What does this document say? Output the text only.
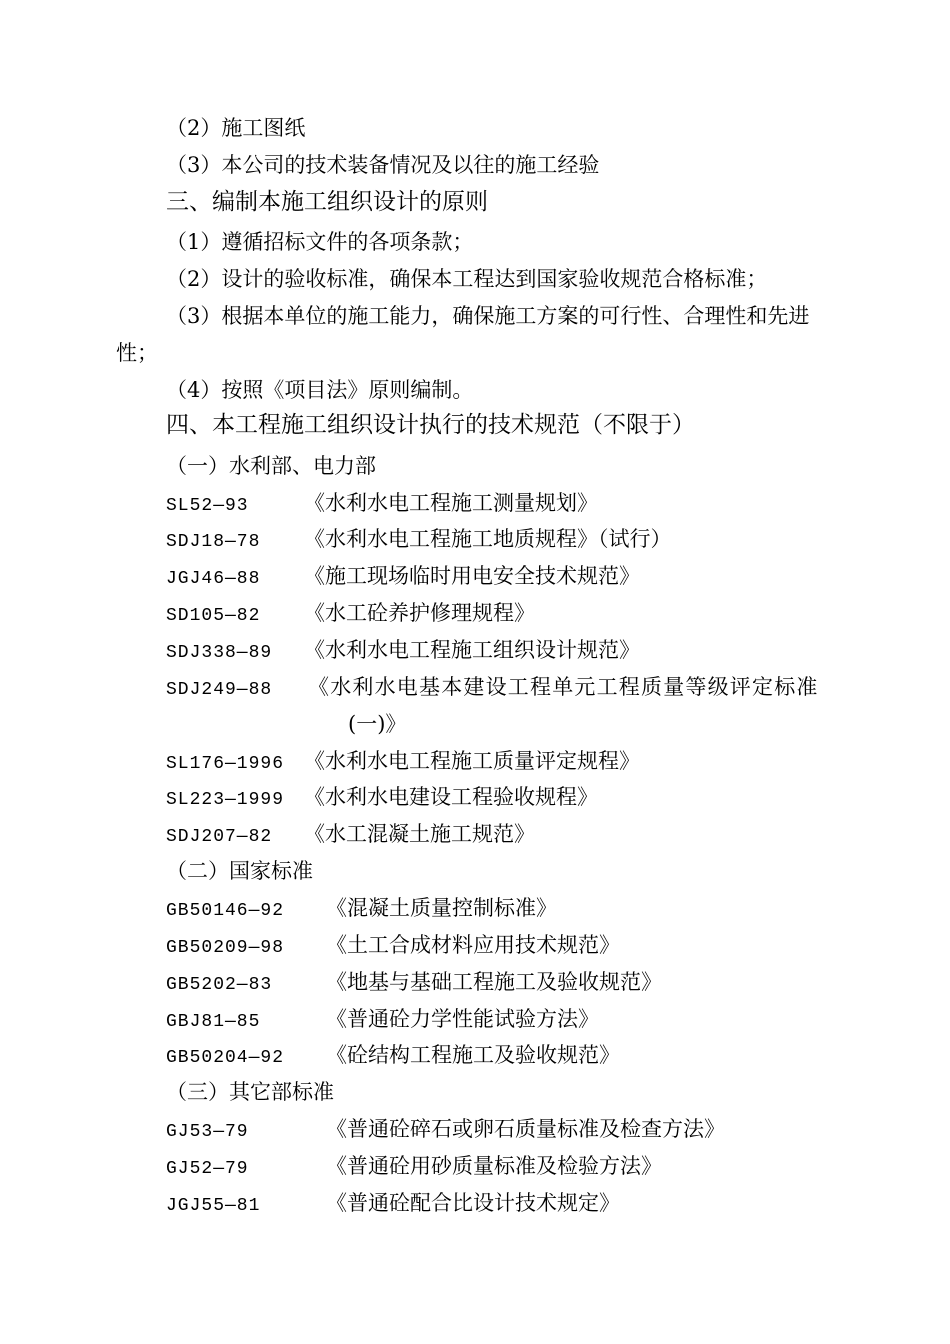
（2）施工图纸
（3）本公司的技术装备情况及以往的施工经验
三、编制本施工组织设计的原则
（1）遵循招标文件的各项条款；
（2）设计的验收标准，确保本工程达到国家验收规范合格标准；
（3）根据本单位的施工能力，确保施工方案的可行性、合理性和先进
性；
（4）按照《项目法》原则编制。
四、本工程施工组织设计执行的技术规范（不限于）
（一）水利部、电力部
SL52—93	《水利水电工程施工测量规划》
SDJ18—78 《水利水电工程施工地质规程》（试行）
JGJ46—88 《施工现场临时用电安全技术规范》
SD105—82 《水工砼养护修理规程》
SDJ338—89 《水利水电工程施工组织设计规范》
SDJ249—88 《水利水电基本建设工程单元工程质量等级评定标准
(一)》
SL176—1996 《水利水电工程施工质量评定规程》
SL223—1999 《水利水电建设工程验收规程》
SDJ207—82 《水工混凝土施工规范》
（二）国家标准
GB50146—92 《混凝土质量控制标准》
GB50209—98 《土工合成材料应用技术规范》
GB5202—83	《地基与基础工程施工及验收规范》
GBJ81—85	《普通砼力学性能试验方法》
GB50204—92 《砼结构工程施工及验收规范》
（三）其它部标准
GJ53—79	《普通砼碎石或卵石质量标准及检查方法》
GJ52—79	《普通砼用砂质量标准及检验方法》
JGJ55—81	《普通砼配合比设计技术规定》
